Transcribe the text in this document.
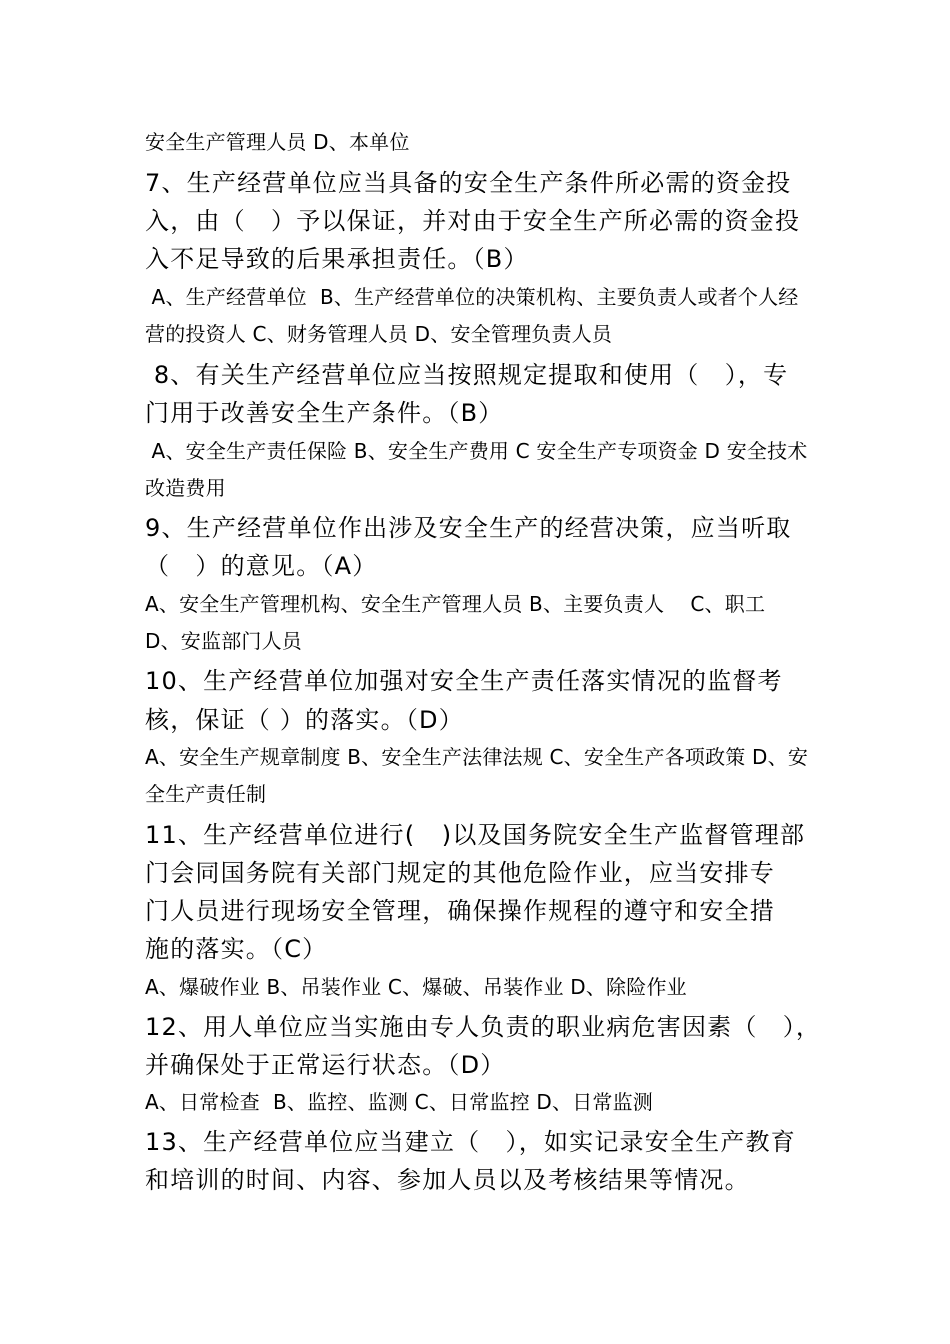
安全生产管理人员 D、本单位

7、生产经营单位应当具备的安全生产条件所必需的资金投

入，由（　）予以保证，并对由于安全生产所必需的资金投

入不足导致的后果承担责任。（B）

A、生产经营单位  B、生产经营单位的决策机构、主要负责人或者个人经

营的投资人 C、财务管理人员 D、安全管理负责人员

8、有关生产经营单位应当按照规定提取和使用（　），专

门用于改善安全生产条件。（B）

A、安全生产责任保险 B、安全生产费用 C 安全生产专项资金 D 安全技术

改造费用

9、生产经营单位作出涉及安全生产的经营决策，应当听取

（　）的意见。（A）

A、安全生产管理机构、安全生产管理人员 B、主要负责人    C、职工

D、安监部门人员

10、生产经营单位加强对安全生产责任落实情况的监督考

核，保证（ ）的落实。（D）

A、安全生产规章制度 B、安全生产法律法规 C、安全生产各项政策 D、安

全生产责任制

11、生产经营单位进行(   )以及国务院安全生产监督管理部

门会同国务院有关部门规定的其他危险作业，应当安排专

门人员进行现场安全管理，确保操作规程的遵守和安全措

施的落实。（C）

A、爆破作业 B、吊装作业 C、爆破、吊装作业 D、除险作业

12、用人单位应当实施由专人负责的职业病危害因素（　），

并确保处于正常运行状态。（D）

A、日常检查  B、监控、监测 C、日常监控 D、日常监测

13、生产经营单位应当建立（　），如实记录安全生产教育

和培训的时间、内容、参加人员以及考核结果等情况。
